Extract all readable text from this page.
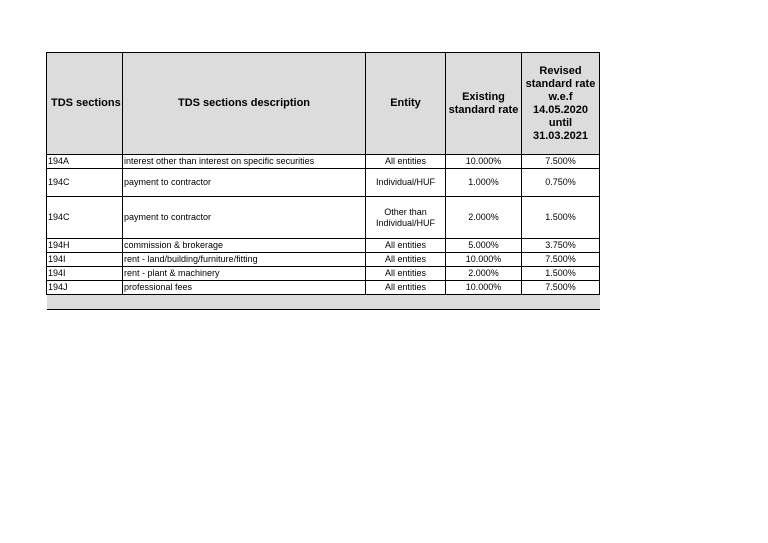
TDS sections	TDS sections description	Entity	Existing standard rate	Revised standard rate w.e.f 14.05.2020 until 31.03.2021
194A	interest other than interest on specific securities	All entities	10.000%	7.500%
194C	payment to contractor	Individual/HUF	1.000%	0.750%
194C	payment to contractor	Other than Individual/HUF	2.000%	1.500%
194H	commission & brokerage	All entities	5.000%	3.750%
194I	rent - land/building/furniture/fitting	All entities	10.000%	7.500%
194I	rent - plant & machinery	All entities	2.000%	1.500%
194J	professional fees	All entities	10.000%	7.500%
